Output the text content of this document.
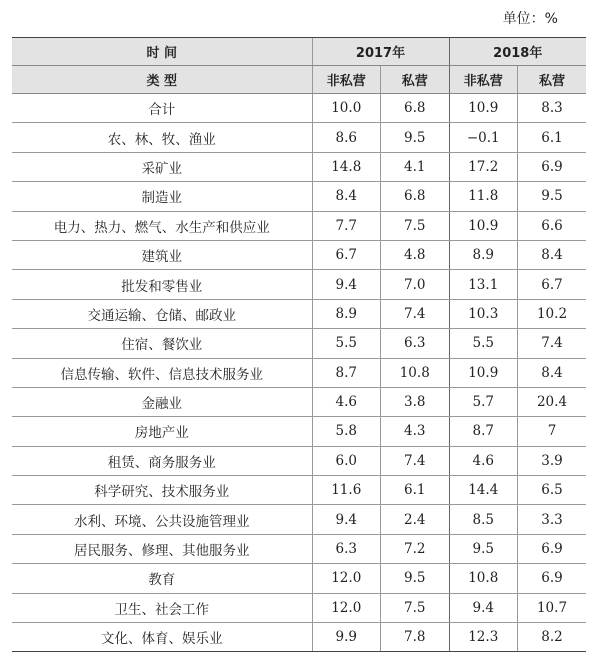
单位：%
时 间	2017年		2018年	
类 型	非私营	私营	非私营	私营
合计	10.0	6.8	10.9	8.3
农、林、牧、渔业	8.6	9.5	−0.1	6.1
采矿业	14.8	4.1	17.2	6.9
制造业	8.4	6.8	11.8	9.5
电力、热力、燃气、水生产和供应业	7.7	7.5	10.9	6.6
建筑业	6.7	4.8	8.9	8.4
批发和零售业	9.4	7.0	13.1	6.7
交通运输、仓储、邮政业	8.9	7.4	10.3	10.2
住宿、餐饮业	5.5	6.3	5.5	7.4
信息传输、软件、信息技术服务业	8.7	10.8	10.9	8.4
金融业	4.6	3.8	5.7	20.4
房地产业	5.8	4.3	8.7	7
租赁、商务服务业	6.0	7.4	4.6	3.9
科学研究、技术服务业	11.6	6.1	14.4	6.5
水利、环境、公共设施管理业	9.4	2.4	8.5	3.3
居民服务、修理、其他服务业	6.3	7.2	9.5	6.9
教育	12.0	9.5	10.8	6.9
卫生、社会工作	12.0	7.5	9.4	10.7
文化、体育、娱乐业	9.9	7.8	12.3	8.2
